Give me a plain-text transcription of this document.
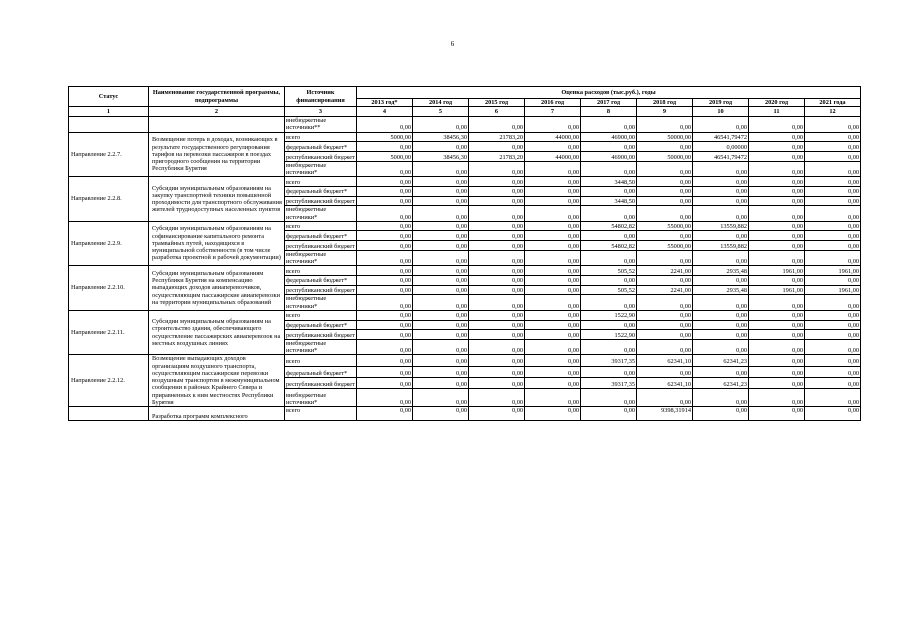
6
Статус	Наименование государственной программы, подпрограммы	Источник финансирования	Оценка расходов (тыс.руб.), годы								
			2013 год*	2014 год	2015 год	2016 год	2017 год	2018 год	2019 год	2020 год	2021 года
1	2	3	4	5	6	7	8	9	10	11	12
		внебюджетные источники**	0,00	0,00	0,00	0,00	0,00	0,00	0,00	0,00	0,00
Направление 2.2.7.	Возмещение потерь в доходах, возникающих в результате государственного регулирования тарифов на перевозки пассажиров в поездах пригородного сообщения на территории Республики Бурятия	всего	5000,00	38456,30	21783,20	44000,00	46900,00	50000,00	46541,79472	0,00	0,00
		федеральный бюджет*	0,00	0,00	0,00	0,00	0,00	0,00	0,00000	0,00	0,00
		республиканский бюджет	5000,00	38456,30	21783,20	44000,00	46900,00	50000,00	46541,79472	0,00	0,00
		внебюджетные источники*	0,00	0,00	0,00	0,00	0,00	0,00	0,00	0,00	0,00
Направление 2.2.8.	Субсидии муниципальным образованиям на закупку транспортной техники повышенной проходимости для транспортного обслуживания жителей труднодоступных населенных пунктов	всего	0,00	0,00	0,00	0,00	3448,50	0,00	0,00	0,00	0,00
		федеральный бюджет*	0,00	0,00	0,00	0,00	0,00	0,00	0,00	0,00	0,00
		республиканский бюджет	0,00	0,00	0,00	0,00	3448,50	0,00	0,00	0,00	0,00
		внебюджетные источники*	0,00	0,00	0,00	0,00	0,00	0,00	0,00	0,00	0,00
Направление 2.2.9.	Субсидии муниципальным образованиям на софинансирование капитального ремонта трамвайных путей, находящихся в муниципальной собственности (в том числе разработка проектной и рабочей документации)	всего	0,00	0,00	0,00	0,00	54802,82	55000,00	13559,882	0,00	0,00
		федеральный бюджет*	0,00	0,00	0,00	0,00	0,00	0,00	0,00	0,00	0,00
		республиканский бюджет	0,00	0,00	0,00	0,00	54802,82	55000,00	13559,882	0,00	0,00
		внебюджетные источники*	0,00	0,00	0,00	0,00	0,00	0,00	0,00	0,00	0,00
Направление 2.2.10.	Субсидии муниципальным образованиям Республики Бурятия на компенсацию выпадающих доходов авиаперевозчиков, осуществляющим пассажирские авиаперевозки на территории муниципальных образований	всего	0,00	0,00	0,00	0,00	505,52	2241,00	2935,48	1961,00	1961,00
		федеральный бюджет*	0,00	0,00	0,00	0,00	0,00	0,00	0,00	0,00	0,00
		республиканский бюджет	0,00	0,00	0,00	0,00	505,52	2241,00	2935,48	1961,00	1961,00
		внебюджетные источники*	0,00	0,00	0,00	0,00	0,00	0,00	0,00	0,00	0,00
Направление 2.2.11.	Субсидии муниципальным образованиям на строительство здания, обеспечивающего осуществление пассажирских авиаперевозок на местных воздушных линиях	всего	0,00	0,00	0,00	0,00	1522,90	0,00	0,00	0,00	0,00
		федеральный бюджет*	0,00	0,00	0,00	0,00	0,00	0,00	0,00	0,00	0,00
		республиканский бюджет	0,00	0,00	0,00	0,00	1522,90	0,00	0,00	0,00	0,00
		внебюджетные источники*	0,00	0,00	0,00	0,00	0,00	0,00	0,00	0,00	0,00
Направление 2.2.12.	Возмещение выпадающих доходов организациям воздушного транспорта, осуществляющим пассажирские перевозки воздушным транспортом в межмуниципальном сообщении в районах Крайнего Севера и приравненных к ним местностях Республики Бурятия	всего	0,00	0,00	0,00	0,00	39317,35	62341,10	62341,23	0,00	0,00
		федеральный бюджет*	0,00	0,00	0,00	0,00	0,00	0,00	0,00	0,00	0,00
		республиканский бюджет	0,00	0,00	0,00	0,00	39317,35	62341,10	62341,23	0,00	0,00
		внебюджетные источники*	0,00	0,00	0,00	0,00	0,00	0,00	0,00	0,00	0,00
	Разработка программ комплексного	всего	0,00	0,00	0,00	0,00	0,00	9398,31914	0,00	0,00	0,00
